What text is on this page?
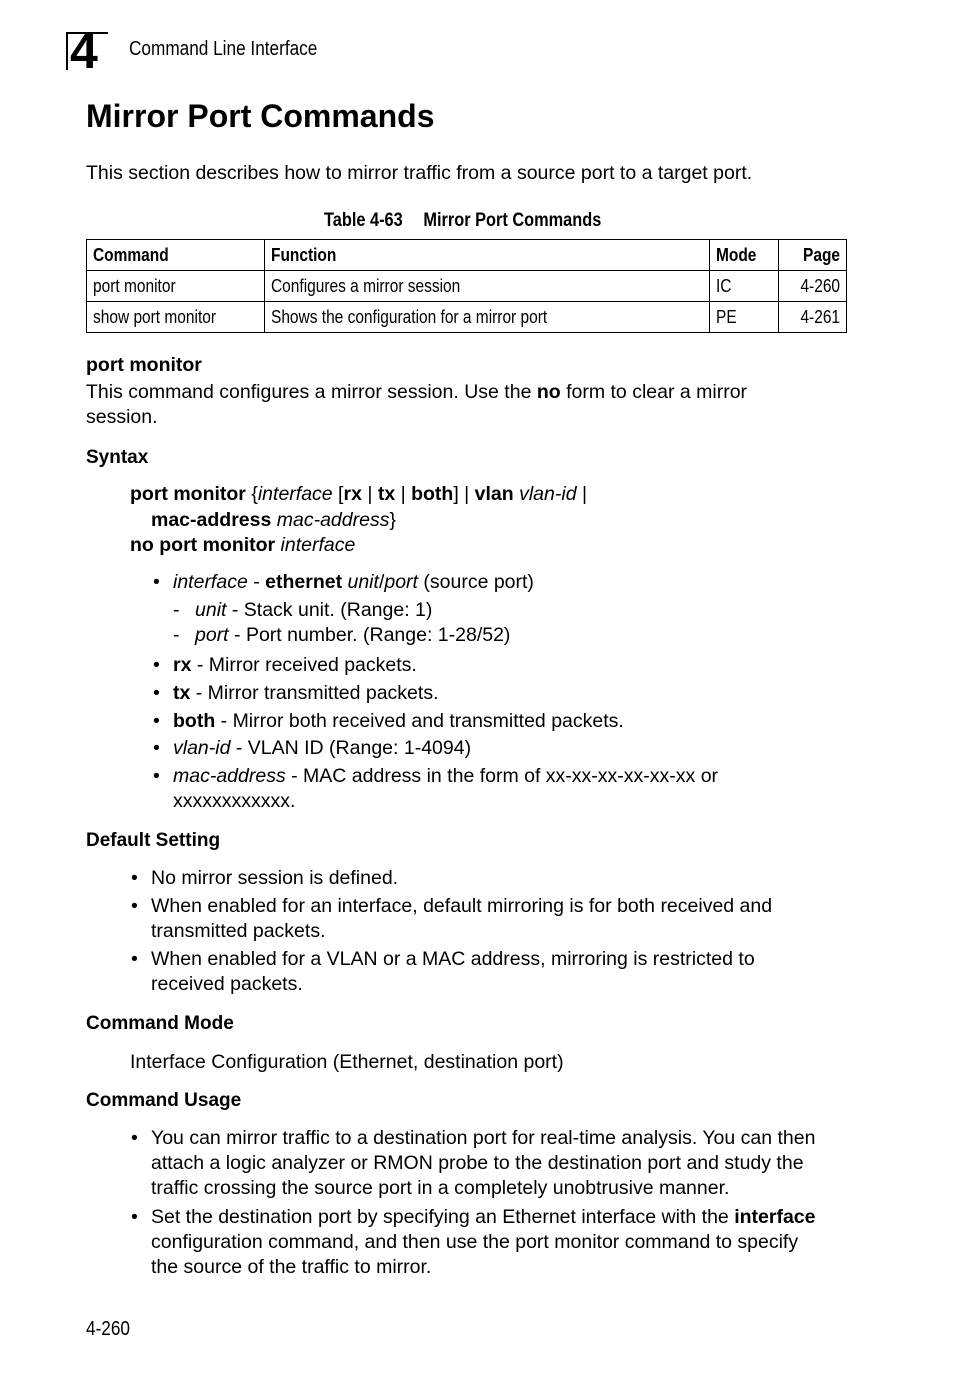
4 Command Line Interface
Mirror Port Commands
This section describes how to mirror traffic from a source port to a target port.
Table 4-63 Mirror Port Commands
Command	Function	Mode	Page
port monitor	Configures a mirror session	IC	4-260
show port monitor	Shows the configuration for a mirror port	PE	4-261
port monitor
This command configures a mirror session. Use the no form to clear a mirror
session.
Syntax
port monitor {interface [rx | tx | both] | vlan vlan-id |
mac-address mac-address}
no port monitor interface
• interface - ethernet unit/port (source port)
- unit - Stack unit. (Range: 1)
- port - Port number. (Range: 1-28/52)
• rx - Mirror received packets.
• tx - Mirror transmitted packets.
• both - Mirror both received and transmitted packets.
• vlan-id - VLAN ID (Range: 1-4094)
• mac-address - MAC address in the form of xx-xx-xx-xx-xx-xx or
xxxxxxxxxxxx.
Default Setting
• No mirror session is defined.
• When enabled for an interface, default mirroring is for both received and
transmitted packets.
• When enabled for a VLAN or a MAC address, mirroring is restricted to
received packets.
Command Mode
Interface Configuration (Ethernet, destination port)
Command Usage
• You can mirror traffic to a destination port for real-time analysis. You can then
attach a logic analyzer or RMON probe to the destination port and study the
traffic crossing the source port in a completely unobtrusive manner.
• Set the destination port by specifying an Ethernet interface with the interface
configuration command, and then use the port monitor command to specify
the source of the traffic to mirror.
4-260
